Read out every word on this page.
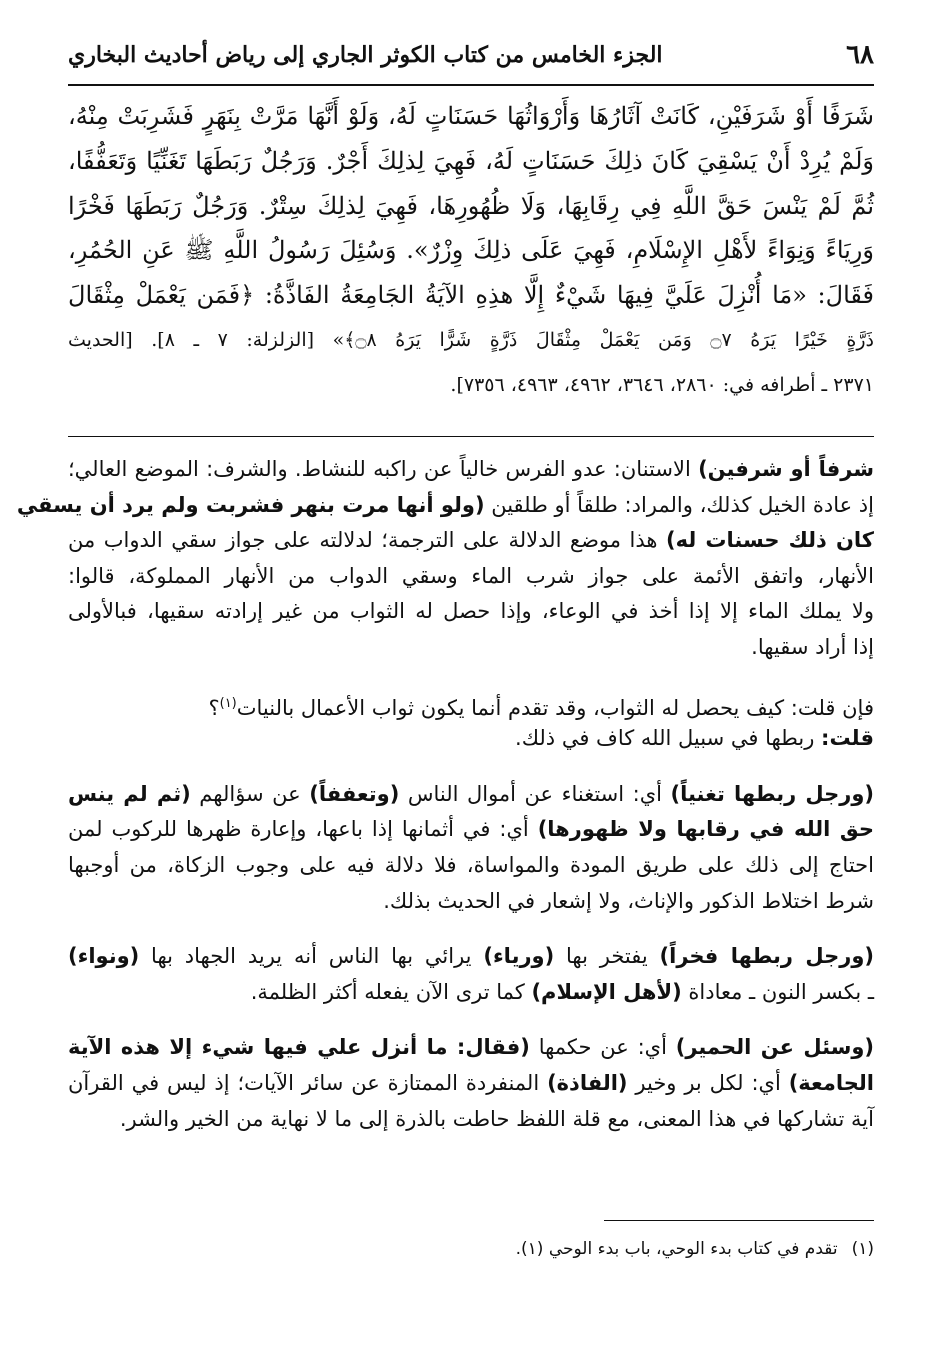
٦٨
الجزء الخامس من كتاب الكوثر الجاري إلى رياض أحاديث البخاري
شَرَفًا أَوْ شَرَفَيْنِ، كَانَتْ آثَارُهَا وَأَرْوَاثُهَا حَسَنَاتٍ لَهُ، وَلَوْ أَنَّهَا مَرَّتْ بِنَهَرٍ فَشَرِبَتْ مِنْهُ،
وَلَمْ يُرِدْ أَنْ يَسْقِيَ كَانَ ذلِكَ حَسَنَاتٍ لَهُ، فَهِيَ لِذلِكَ أَجْرٌ. وَرَجُلٌ رَبَطَهَا تَغَنِّيًا وَتَعَفُّفًا،
ثُمَّ لَمْ يَنْسَ حَقَّ اللَّهِ فِي رِقَابِهَا، وَلَا ظُهُورِهَا، فَهِيَ لِذلِكَ سِتْرٌ. وَرَجُلٌ رَبَطَهَا فَخْرًا
وَرِيَاءً وَنِوَاءً لأَهْلِ الإِسْلَامِ، فَهِيَ عَلَى ذلِكَ وِزْرٌ». وَسُئِلَ رَسُولُ اللَّهِ ﷺ عَنِ الحُمُرِ،
فَقَالَ: «مَا أُنْزِلَ عَلَيَّ فِيهَا شَيْءٌ إِلَّا هذِهِ الآيَةُ الجَامِعَةُ الفَاذَّةُ: ﴿فَمَن يَعْمَلْ مِثْقَالَ
ذَرَّةٍ خَيْرًا يَرَهُ ۝٧ وَمَن يَعْمَلْ مِثْقَالَ ذَرَّةٍ شَرًّا يَرَهُ ۝٨﴾» [الزلزلة: ٧ ـ ٨]. [الحديث
٢٣٧١ ـ أطرافه في: ٢٨٦٠، ٣٦٤٦، ٤٩٦٢، ٤٩٦٣، ٧٣٥٦].
شرفاً أو شرفين) الاستنان: عدو الفرس خالياً عن راكبه للنشاط. والشرف: الموضع العالي؛
إذ عادة الخيل كذلك، والمراد: طلقاً أو طلقين (ولو أنها مرت بنهر فشربت ولم يرد أن يسقي
كان ذلك حسنات له) هذا موضع الدلالة على الترجمة؛ لدلالته على جواز سقي الدواب من
الأنهار، واتفق الأئمة على جواز شرب الماء وسقي الدواب من الأنهار المملوكة، قالوا:
ولا يملك الماء إلا إذا أخذ في الوعاء، وإذا حصل له الثواب من غير إرادته سقيها، فبالأولى
إذا أراد سقيها.
فإن قلت: كيف يحصل له الثواب، وقد تقدم أنما يكون ثواب الأعمال بالنيات$^{(١)}$؟
قلت: ربطها في سبيل الله كاف في ذلك.
(ورجل ربطها تغنياً) أي: استغناء عن أموال الناس (وتعففاً) عن سؤالهم (ثم لم ينس
حق الله في رقابها ولا ظهورها) أي: في أثمانها إذا باعها، وإعارة ظهرها للركوب لمن
احتاج إلى ذلك على طريق المودة والمواساة، فلا دلالة فيه على وجوب الزكاة، من أوجبها
شرط اختلاط الذكور والإناث، ولا إشعار في الحديث بذلك.
(ورجل ربطها فخراً) يفتخر بها (ورياء) يرائي بها الناس أنه يريد الجهاد بها (ونواء)
ـ بكسر النون ـ معاداة (لأهل الإسلام) كما ترى الآن يفعله أكثر الظلمة.
(وسئل عن الحمير) أي: عن حكمها (فقال: ما أنزل علي فيها شيء إلا هذه الآية
الجامعة) أي: لكل بر وخير (الفاذة) المنفردة الممتازة عن سائر الآيات؛ إذ ليس في القرآن
آية تشاركها في هذا المعنى، مع قلة اللفظ حاطت بالذرة إلى ما لا نهاية من الخير والشر.
(١)تقدم في كتاب بدء الوحي، باب بدء الوحي (١).
